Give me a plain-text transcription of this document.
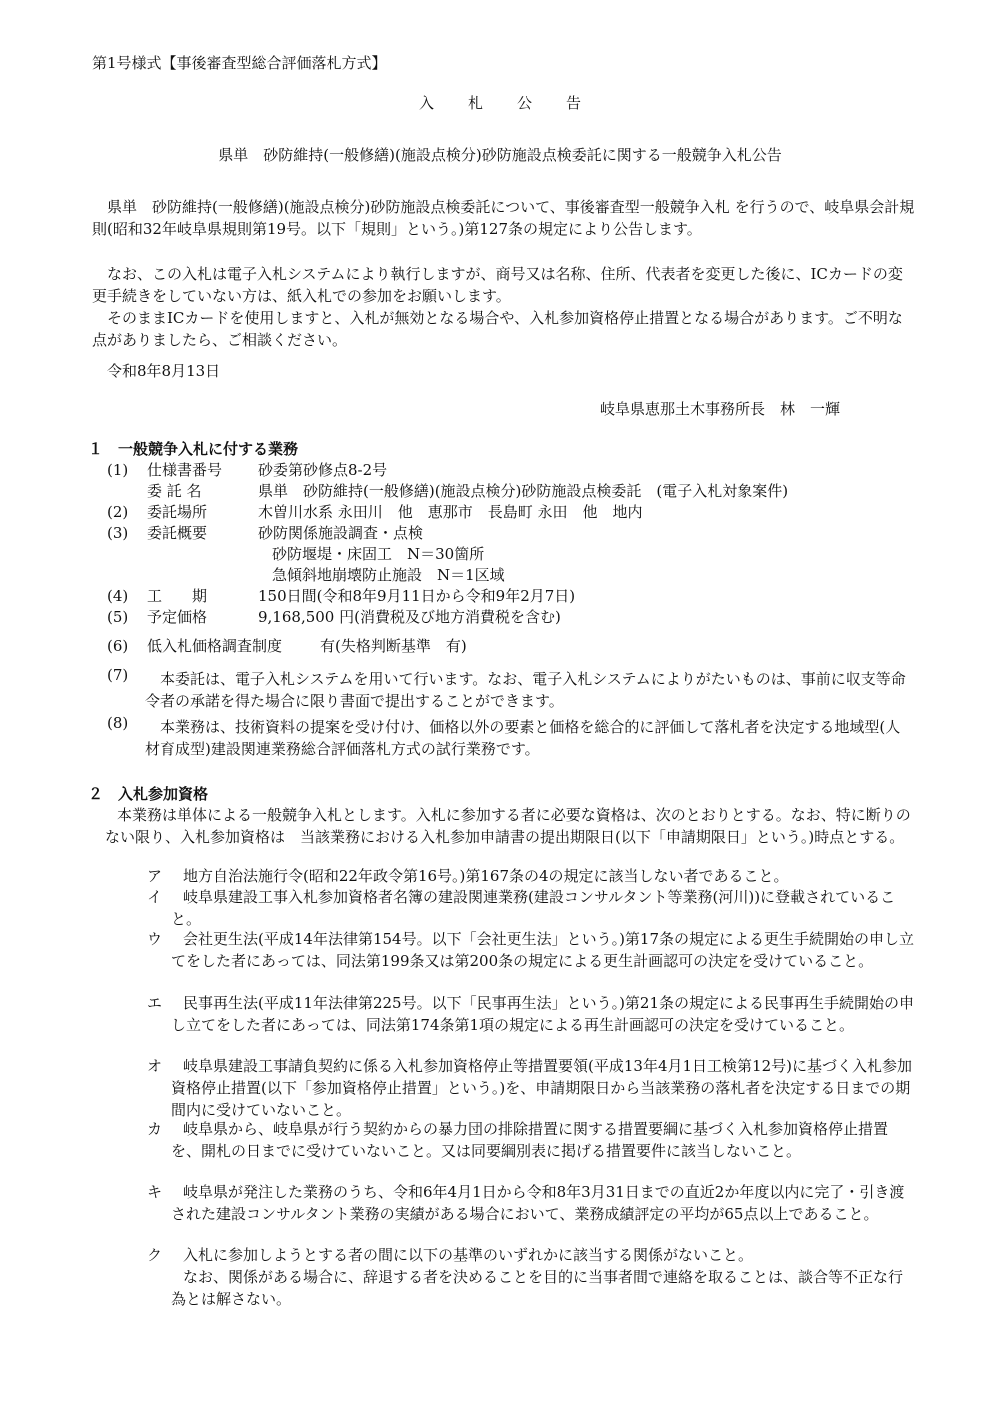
第1号様式【事後審査型総合評価落札方式】
入札公告
県単　砂防維持(一般修繕)(施設点検分)砂防施設点検委託に関する一般競争入札公告
県単　砂防維持(一般修繕)(施設点検分)砂防施設点検委託について、事後審査型一般競争入札 を行うので、岐阜県会計規則(昭和32年岐阜県規則第19号。以下「規則」という。)第127条の規定により公告します。
なお、この入札は電子入札システムにより執行しますが、商号又は名称、住所、代表者を変更した後に、ICカードの変更手続きをしていない方は、紙入札での参加をお願いします。
そのままICカードを使用しますと、入札が無効となる場合や、入札参加資格停止措置となる場合があります。ご不明な点がありましたら、ご相談ください。
令和8年8月13日
岐阜県恵那土木事務所長　林　一輝
１　一般競争入札に付する業務
(1)	仕様書番号 砂委第砂修点8-2号
委 託 名	県単　砂防維持(一般修繕)(施設点検分)砂防施設点検委託　(電子入札対象案件)
(2)	委託場所	木曽川水系 永田川　他　恵那市　長島町 永田　他　地内
(3)	委託概要	砂防関係施設調査・点検
砂防堰堤・床固工　N＝30箇所
急傾斜地崩壊防止施設　N＝1区域
(4)	工　　期	150日間(令和8年9月11日から令和9年2月7日)
(5)	予定価格	9,168,500 円(消費税及び地方消費税を含む)
(6)	低入札価格調査制度	有(失格判断基準　有)
(7)	本委託は、電子入札システムを用いて行います。なお、電子入札システムによりがたいものは、事前に収支等命令者の承諾を得た場合に限り書面で提出することができます。
(8)	本業務は、技術資料の提案を受け付け、価格以外の要素と価格を総合的に評価して落札者を決定する地域型(人材育成型)建設関連業務総合評価落札方式の試行業務です。
２　入札参加資格
本業務は単体による一般競争入札とします。入札に参加する者に必要な資格は、次のとおりとする。なお、特に断りのない限り、入札参加資格は　当該業務における入札参加申請書の提出期限日(以下「申請期限日」という。)時点とする。
ア	地方自治法施行令(昭和22年政令第16号。)第167条の4の規定に該当しない者であること。
イ	岐阜県建設工事入札参加資格者名簿の建設関連業務(建設コンサルタント等業務(河川))に登載されていること。
ウ	会社更生法(平成14年法律第154号。以下「会社更生法」という。)第17条の規定による更生手続開始の申し立てをした者にあっては、同法第199条又は第200条の規定による更生計画認可の決定を受けていること。
エ	民事再生法(平成11年法律第225号。以下「民事再生法」という。)第21条の規定による民事再生手続開始の申し立てをした者にあっては、同法第174条第1項の規定による再生計画認可の決定を受けていること。
オ	岐阜県建設工事請負契約に係る入札参加資格停止等措置要領(平成13年4月1日工検第12号)に基づく入札参加資格停止措置(以下「参加資格停止措置」という。)を、申請期限日から当該業務の落札者を決定する日までの期間内に受けていないこと。
カ	岐阜県から、岐阜県が行う契約からの暴力団の排除措置に関する措置要綱に基づく入札参加資格停止措置を、開札の日までに受けていないこと。又は同要綱別表に掲げる措置要件に該当しないこと。
キ	岐阜県が発注した業務のうち、令和6年4月1日から令和8年3月31日までの直近2か年度以内に完了・引き渡された建設コンサルタント業務の実績がある場合において、業務成績評定の平均が65点以上であること。
ク	入札に参加しようとする者の間に以下の基準のいずれかに該当する関係がないこと。
なお、関係がある場合に、辞退する者を決めることを目的に当事者間で連絡を取ることは、談合等不正な行為とは解さない。
